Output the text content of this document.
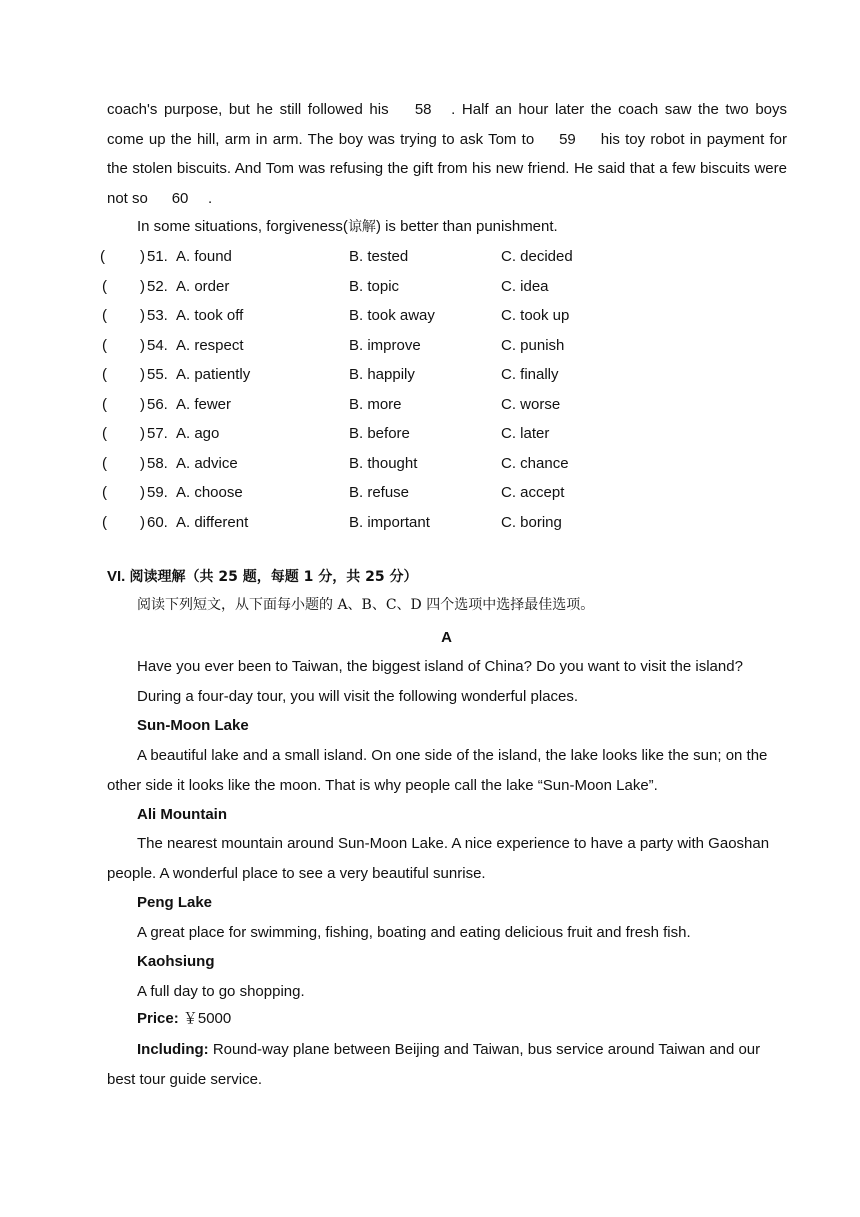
coach's purpose, but he still followed his 58 . Half an hour later the coach saw the two boys come up the hill, arm in arm. The boy was trying to ask Tom to 59 his toy robot in payment for the stolen biscuits. And Tom was refusing the gift from his new friend. He said that a few biscuits were not so 60 .

In some situations, forgiveness(谅解) is better than punishment.

( ) 51. A. found	B. tested	C. decided
( ) 52. A. order	B. topic	C. idea
( ) 53. A. took off	B. took away	C. took up
( ) 54. A. respect	B. improve	C. punish
( ) 55. A. patiently	B. happily	C. finally
( ) 56. A. fewer	B. more	C. worse
( ) 57. A. ago	B. before	C. later
( ) 58. A. advice	B. thought	C. chance
( ) 59. A. choose	B. refuse	C. accept
( ) 60. A. different	B. important	C. boring

VI. 阅读理解（共 25 题，每题 1 分，共 25 分）

阅读下列短文，从下面每小题的 A、B、C、D 四个选项中选择最佳选项。

A

Have you ever been to Taiwan, the biggest island of China? Do you want to visit the island?

During a four-day tour, you will visit the following wonderful places.

Sun-Moon Lake

A beautiful lake and a small island. On one side of the island, the lake looks like the sun; on the other side it looks like the moon. That is why people call the lake “Sun-Moon Lake”.

Ali Mountain

The nearest mountain around Sun-Moon Lake. A nice experience to have a party with Gaoshan people. A wonderful place to see a very beautiful sunrise.

Peng Lake

A great place for swimming, fishing, boating and eating delicious fruit and fresh fish.

Kaohsiung

A full day to go shopping.

Price: ￥5000

Including: Round-way plane between Beijing and Taiwan, bus service around Taiwan and our best tour guide service.
